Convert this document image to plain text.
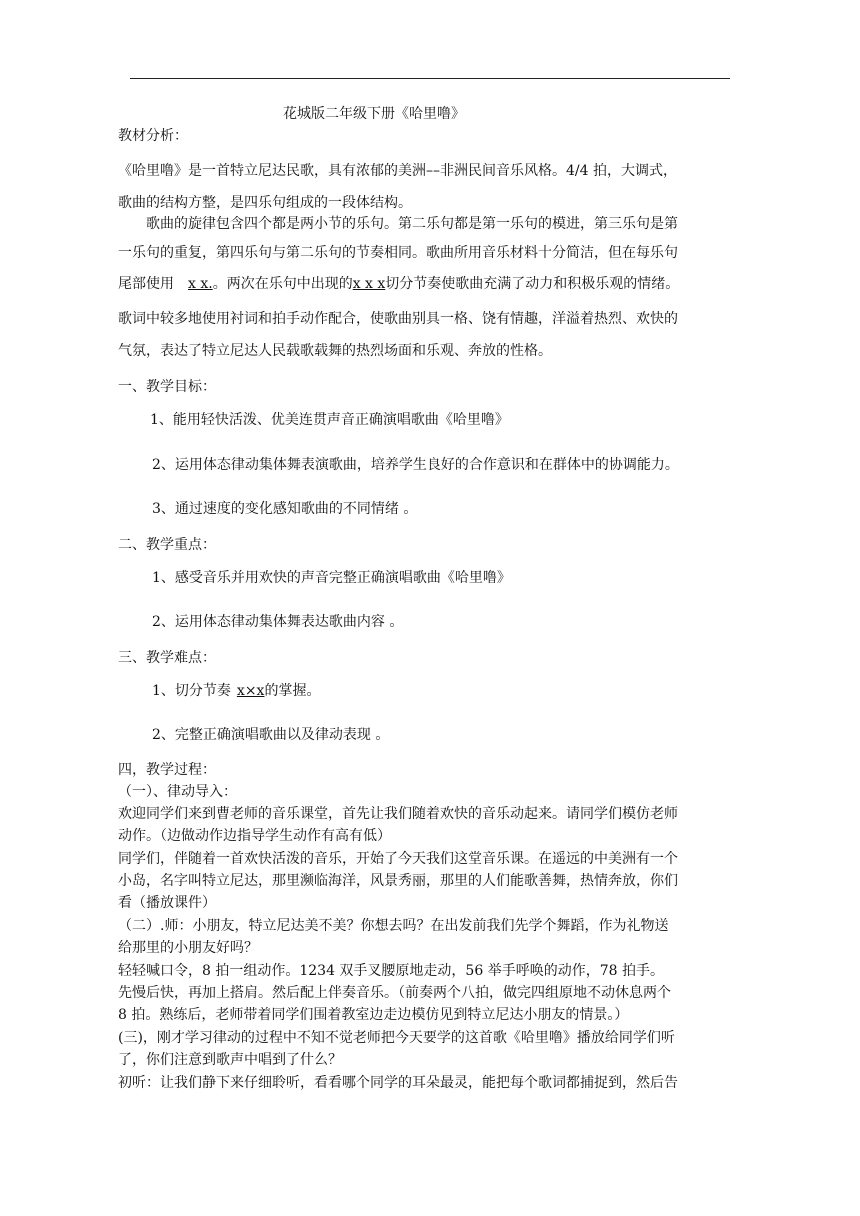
花城版二年级下册《哈里噜》
教材分析：
《哈里噜》是一首特立尼达民歌，具有浓郁的美洲––非洲民间音乐风格。4/4 拍，大调式，
歌曲的结构方整，是四乐句组成的一段体结构。
歌曲的旋律包含四个都是两小节的乐句。第二乐句都是第一乐句的模进，第三乐句是第
一乐句的重复，第四乐句与第二乐句的节奏相同。歌曲所用音乐材料十分简洁，但在每乐句
尾部使用 x x.。两次在乐句中出现的x x x切分节奏使歌曲充满了动力和积极乐观的情绪。
歌词中较多地使用衬词和拍手动作配合，使歌曲别具一格、饶有情趣，洋溢着热烈、欢快的
气氛，表达了特立尼达人民载歌载舞的热烈场面和乐观、奔放的性格。
一、教学目标：
1、能用轻快活泼、优美连贯声音正确演唱歌曲《哈里噜》
2、运用体态律动集体舞表演歌曲，培养学生良好的合作意识和在群体中的协调能力。
3、通过速度的变化感知歌曲的不同情绪 。
二、教学重点：
1、感受音乐并用欢快的声音完整正确演唱歌曲《哈里噜》
2、运用体态律动集体舞表达歌曲内容 。
三、教学难点：
1、切分节奏 x×x的掌握。
2、完整正确演唱歌曲以及律动表现 。
四，教学过程：
（一）、律动导入：
欢迎同学们来到曹老师的音乐课堂，首先让我们随着欢快的音乐动起来。请同学们模仿老师
动作。（边做动作边指导学生动作有高有低）
同学们，伴随着一首欢快活泼的音乐，开始了今天我们这堂音乐课。在遥远的中美洲有一个
小岛，名字叫特立尼达，那里濒临海洋，风景秀丽，那里的人们能歌善舞，热情奔放，你们
看（播放课件）
（二）.师：小朋友，特立尼达美不美？你想去吗？在出发前我们先学个舞蹈，作为礼物送
给那里的小朋友好吗？
轻轻喊口令，8 拍一组动作。1234 双手叉腰原地走动，56 举手呼唤的动作，78 拍手。
先慢后快，再加上搭肩。然后配上伴奏音乐。（前奏两个八拍，做完四组原地不动休息两个
8 拍。熟练后，老师带着同学们围着教室边走边模仿见到特立尼达小朋友的情景。）
(三)，刚才学习律动的过程中不知不觉老师把今天要学的这首歌《哈里噜》播放给同学们听
了，你们注意到歌声中唱到了什么？
初听：让我们静下来仔细聆听，看看哪个同学的耳朵最灵，能把每个歌词都捕捉到，然后告
